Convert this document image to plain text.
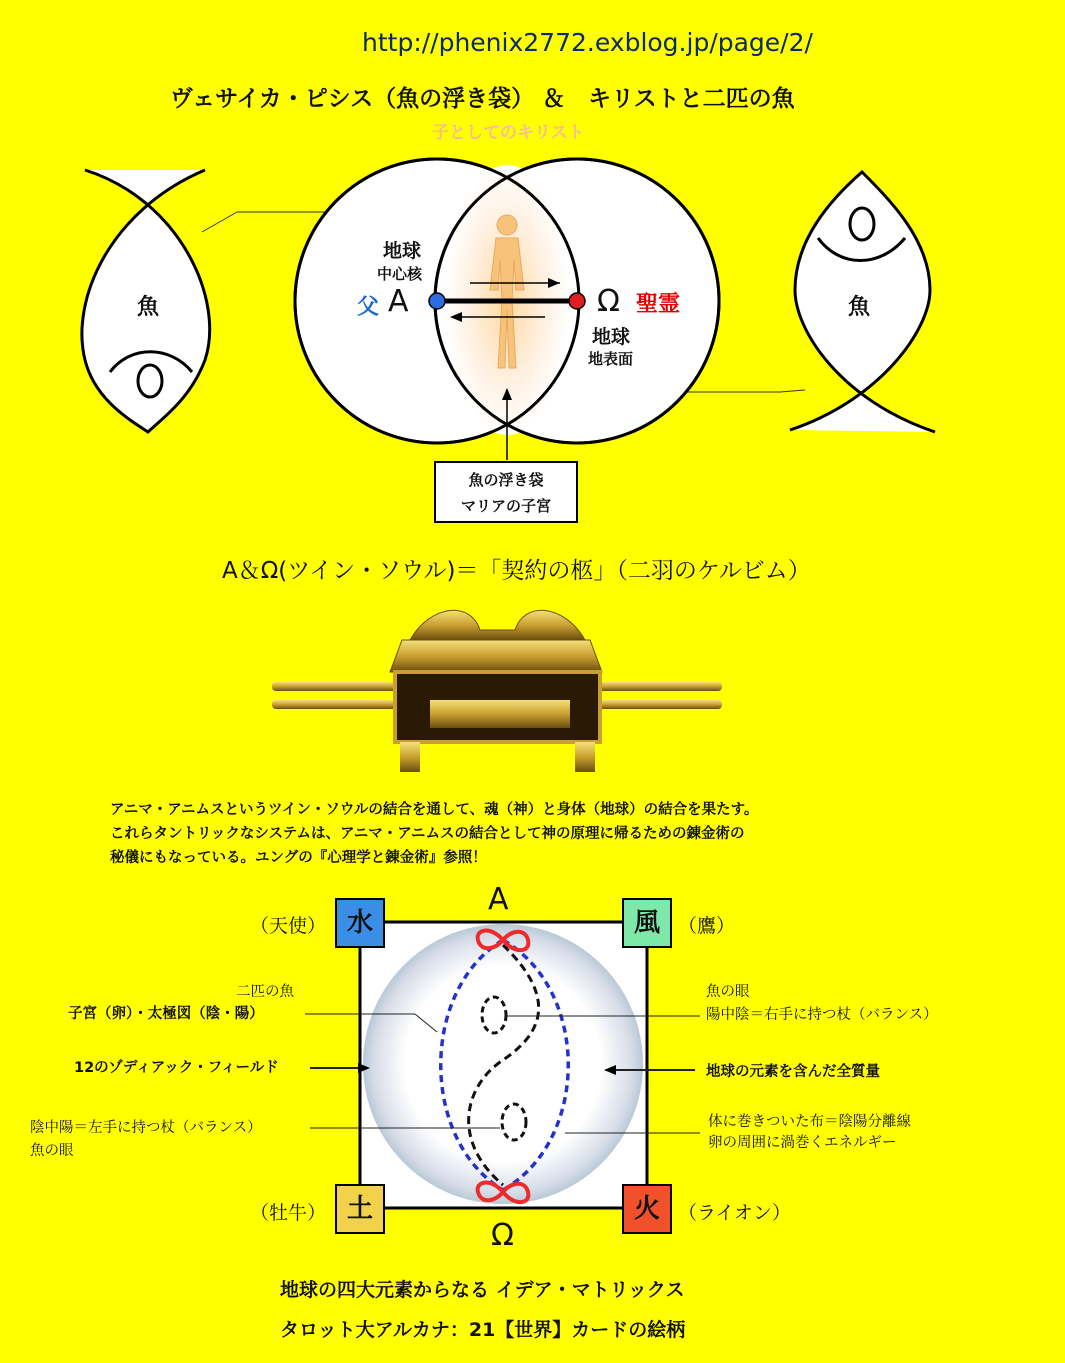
http://phenix2772.exblog.jp/page/2/
ヴェサイカ・ピシス（魚の浮き袋） ＆　キリストと二匹の魚
子としてのキリスト
魚	魚
地球
中心核
父 A	Ω 聖霊
地球
地表面
魚の浮き袋
マリアの子宮
A＆Ω(ツイン・ソウル)＝「契約の柩」（二羽のケルビム）
アニマ・アニムスというツイン・ソウルの結合を通して、魂（神）と身体（地球）の結合を果たす。
これらタントリックなシステムは、アニマ・アニムスの結合として神の原理に帰るための錬金術の
秘儀にもなっている。ユングの『心理学と錬金術』参照！
A
Ω
水	風
土	火
（天使）	（鷹）
（牡牛）	（ライオン）
二匹の魚
子宮（卵）・太極図（陰・陽）
12のゾディアック・フィールド
陰中陽＝左手に持つ杖（バランス）
魚の眼
魚の眼
陽中陰＝右手に持つ杖（バランス）
地球の元素を含んだ全質量
体に巻きついた布＝陰陽分離線
卵の周囲に渦巻くエネルギー
地球の四大元素からなる イデア・マトリックス
タロット大アルカナ：21【世界】カードの絵柄
